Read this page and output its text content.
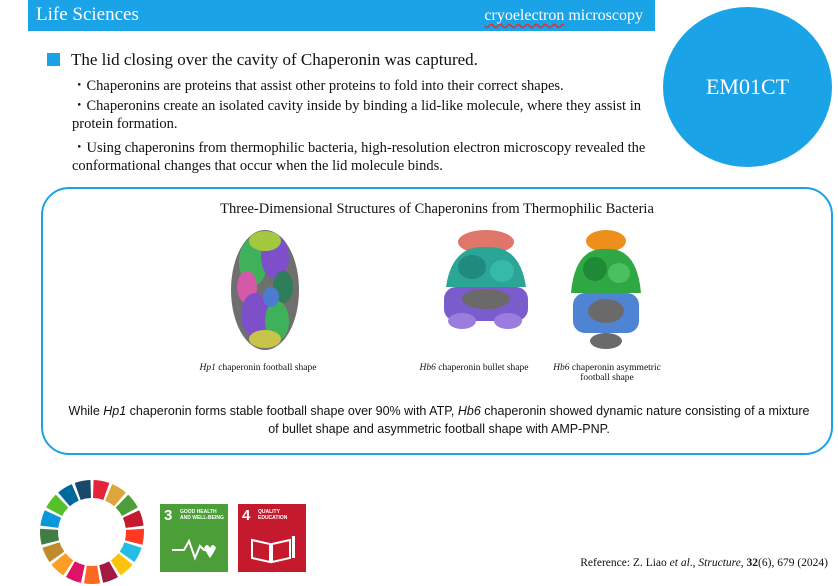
Life Sciences	cryoelectron microscopy
EM01CT
The lid closing over the cavity of Chaperonin was captured.
・Chaperonins are proteins that assist other proteins to fold into their correct shapes.
・Chaperonins create an isolated cavity inside by binding a lid-like molecule, where they assist in protein formation.
・Using chaperonins from thermophilic bacteria, high-resolution electron microscopy revealed the conformational changes that occur when the lid molecule binds.
Three-Dimensional Structures of Chaperonins from Thermophilic Bacteria
Hp1 chaperonin football shape	Hb6 chaperonin bullet shape	Hb6 chaperonin asymmetric football shape
While Hp1 chaperonin forms stable football shape over 90% with ATP, Hb6 chaperonin showed dynamic nature consisting of a mixture of bullet shape and asymmetric football shape with AMP-PNP.
3 GOOD HEALTH
AND WELL-BEING 4 QUALITY
EDUCATION
Reference: Z. Liao et al., Structure, 32(6), 679 (2024)
